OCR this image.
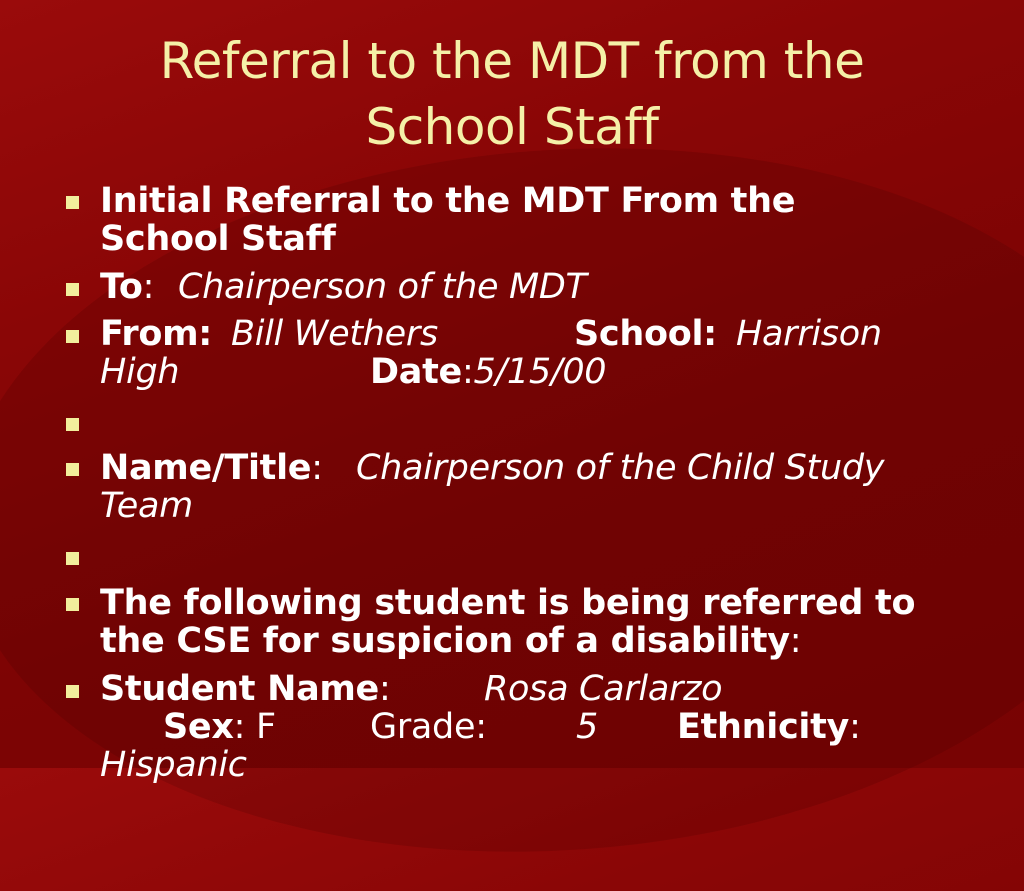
Referral to the MDT from the
School Staff
Initial Referral to the MDT From the
School Staff
To: Chairperson of the MDT
From: Bill Wethers	School: Harrison
High	Date:5/15/00
Name/Title: Chairperson of the Child Study
Team
The following student is being referred to
the CSE for suspicion of a disability:
Student Name:	Rosa Carlarzo
Sex: F	Grade:	5 Ethnicity:
Hispanic
